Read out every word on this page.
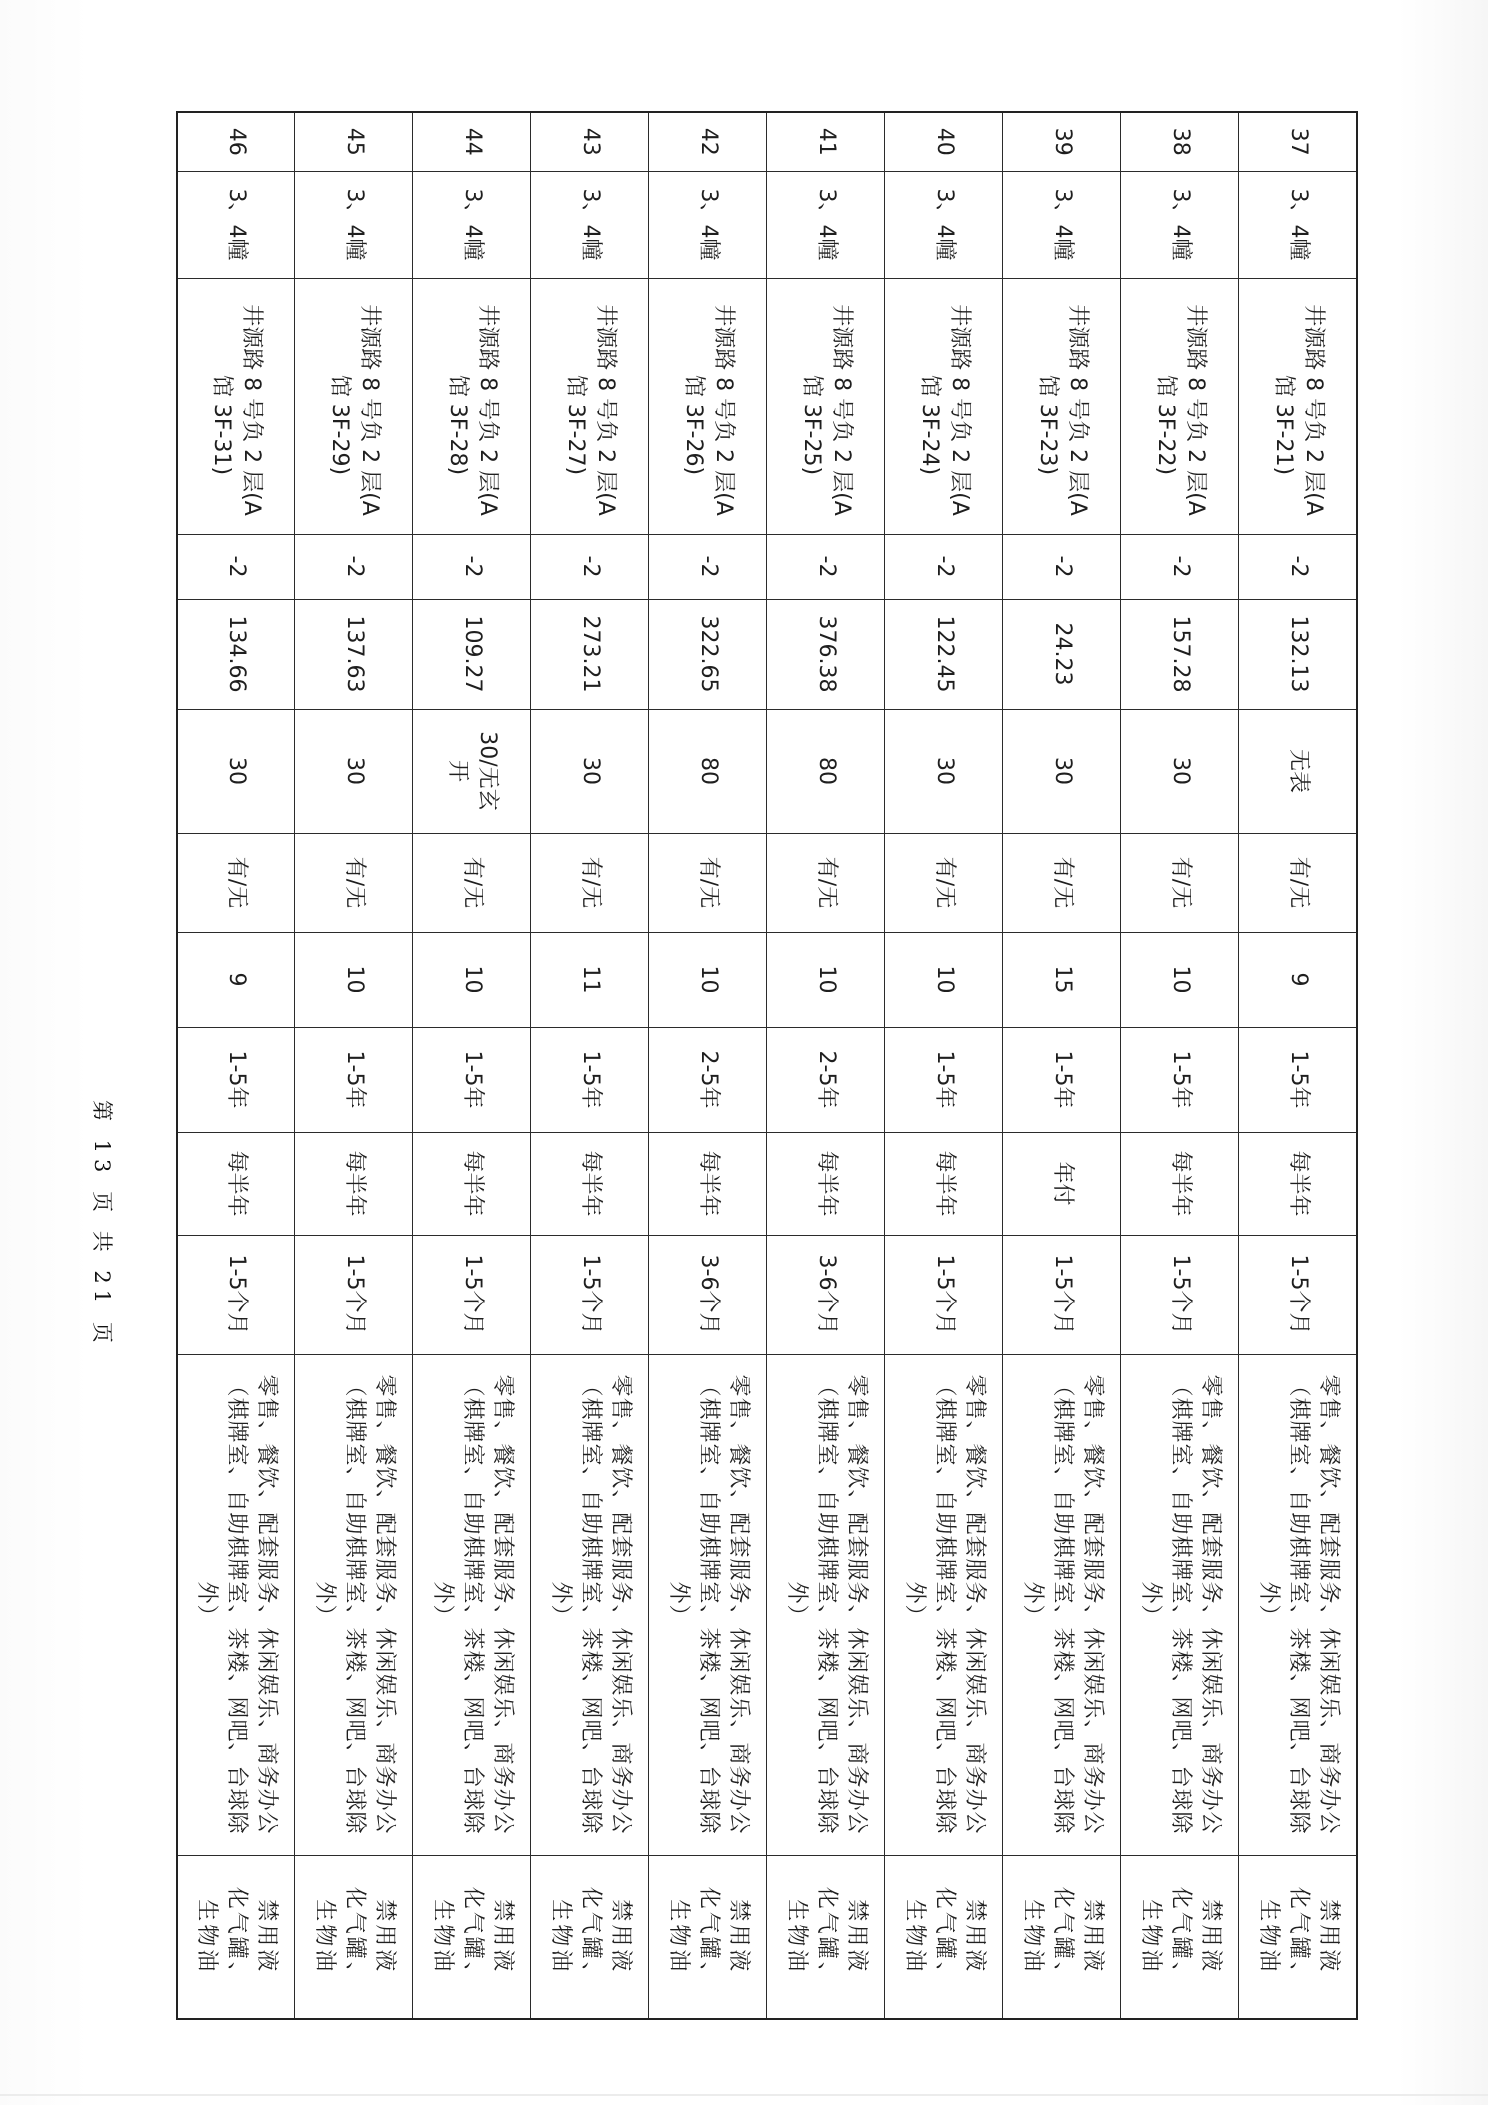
37	3、4幢	井源路 8 号负 2 层(A
馆 3F-21)	-2	132.13	无表	有/无	9	1-5年	每半年	1-5个月	零售、餐饮、配套服务、休闲娱乐、商务办公
（棋牌室、自助棋牌室、茶楼、网吧、台球除外）	禁用液
化气罐、
生物油

38	3、4幢	井源路 8 号负 2 层(A
馆 3F-22)	-2	157.28	30	有/无	10	1-5年	每半年	1-5个月	零售、餐饮、配套服务、休闲娱乐、商务办公
（棋牌室、自助棋牌室、茶楼、网吧、台球除外）	禁用液
化气罐、
生物油

39	3、4幢	井源路 8 号负 2 层(A
馆 3F-23)	-2	24.23	30	有/无	15	1-5年	年付	1-5个月	零售、餐饮、配套服务、休闲娱乐、商务办公
（棋牌室、自助棋牌室、茶楼、网吧、台球除外）	禁用液
化气罐、
生物油

40	3、4幢	井源路 8 号负 2 层(A
馆 3F-24)	-2	122.45	30	有/无	10	1-5年	每半年	1-5个月	零售、餐饮、配套服务、休闲娱乐、商务办公
（棋牌室、自助棋牌室、茶楼、网吧、台球除外）	禁用液
化气罐、
生物油

41	3、4幢	井源路 8 号负 2 层(A
馆 3F-25)	-2	376.38	80	有/无	10	2-5年	每半年	3-6个月	零售、餐饮、配套服务、休闲娱乐、商务办公
（棋牌室、自助棋牌室、茶楼、网吧、台球除外）	禁用液
化气罐、
生物油

42	3、4幢	井源路 8 号负 2 层(A
馆 3F-26)	-2	322.65	80	有/无	10	2-5年	每半年	3-6个月	零售、餐饮、配套服务、休闲娱乐、商务办公
（棋牌室、自助棋牌室、茶楼、网吧、台球除外）	禁用液
化气罐、
生物油

43	3、4幢	井源路 8 号负 2 层(A
馆 3F-27)	-2	273.21	30	有/无	11	1-5年	每半年	1-5个月	零售、餐饮、配套服务、休闲娱乐、商务办公
（棋牌室、自助棋牌室、茶楼、网吧、台球除外）	禁用液
化气罐、
生物油

44	3、4幢	井源路 8 号负 2 层(A
馆 3F-28)	-2	109.27	30/无玄
开	有/无	10	1-5年	每半年	1-5个月	零售、餐饮、配套服务、休闲娱乐、商务办公
（棋牌室、自助棋牌室、茶楼、网吧、台球除外）	禁用液
化气罐、
生物油

45	3、4幢	井源路 8 号负 2 层(A
馆 3F-29)	-2	137.63	30	有/无	10	1-5年	每半年	1-5个月	零售、餐饮、配套服务、休闲娱乐、商务办公
（棋牌室、自助棋牌室、茶楼、网吧、台球除外）	禁用液
化气罐、
生物油

46	3、4幢	井源路 8 号负 2 层(A
馆 3F-31)	-2	134.66	30	有/无	9	1-5年	每半年	1-5个月	零售、餐饮、配套服务、休闲娱乐、商务办公
（棋牌室、自助棋牌室、茶楼、网吧、台球除外）	禁用液
化气罐、
生物油
第 13 页 共 21 页
